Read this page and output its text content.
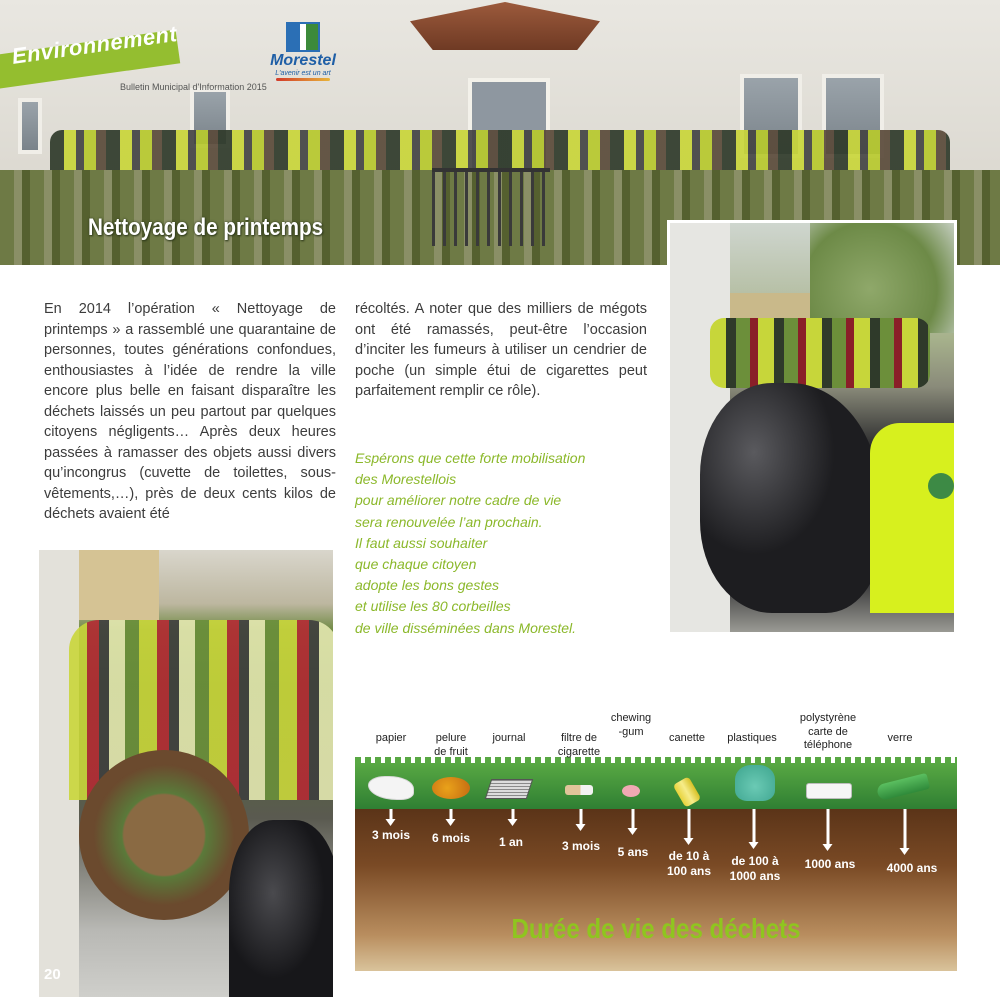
Environnement
Bulletin Municipal d'Information 2015
Morestel
L'avenir est un art
Nettoyage de printemps

En 2014 l’opération « Nettoyage de printemps » a rassemblé une quarantaine de personnes, toutes générations confondues, enthousiastes à l’idée de rendre la ville encore plus belle en faisant disparaître les déchets laissés un peu partout par quelques citoyens négligents… Après deux heures passées à ramasser des objets aussi divers qu’incongrus (cuvette de toilettes, sous-vêtements,…), près de deux cents kilos de déchets avaient été

récoltés. A noter que des milliers de mégots ont été ramassés, peut-être l’occasion d’inciter les fumeurs à utiliser un cendrier de poche (un simple étui de cigarettes peut parfaitement remplir ce rôle).

Espérons que cette forte mobilisation
des Morestellois
pour améliorer notre cadre de vie
sera renouvelée l’an prochain.
Il faut aussi souhaiter
que chaque citoyen
adopte les bons gestes
et utilise les 80 corbeilles
de ville disséminées dans Morestel.
papier
3 mois
pelure
de fruit
6 mois
journal
1 an
filtre de
cigarette
3 mois
chewing
-gum
5 ans
canette
de 10 à
100 ans
plastiques
de 100 à
1000 ans
polystyrène
carte de
téléphone
1000 ans
verre
4000 ans
Durée de vie des déchets
20
